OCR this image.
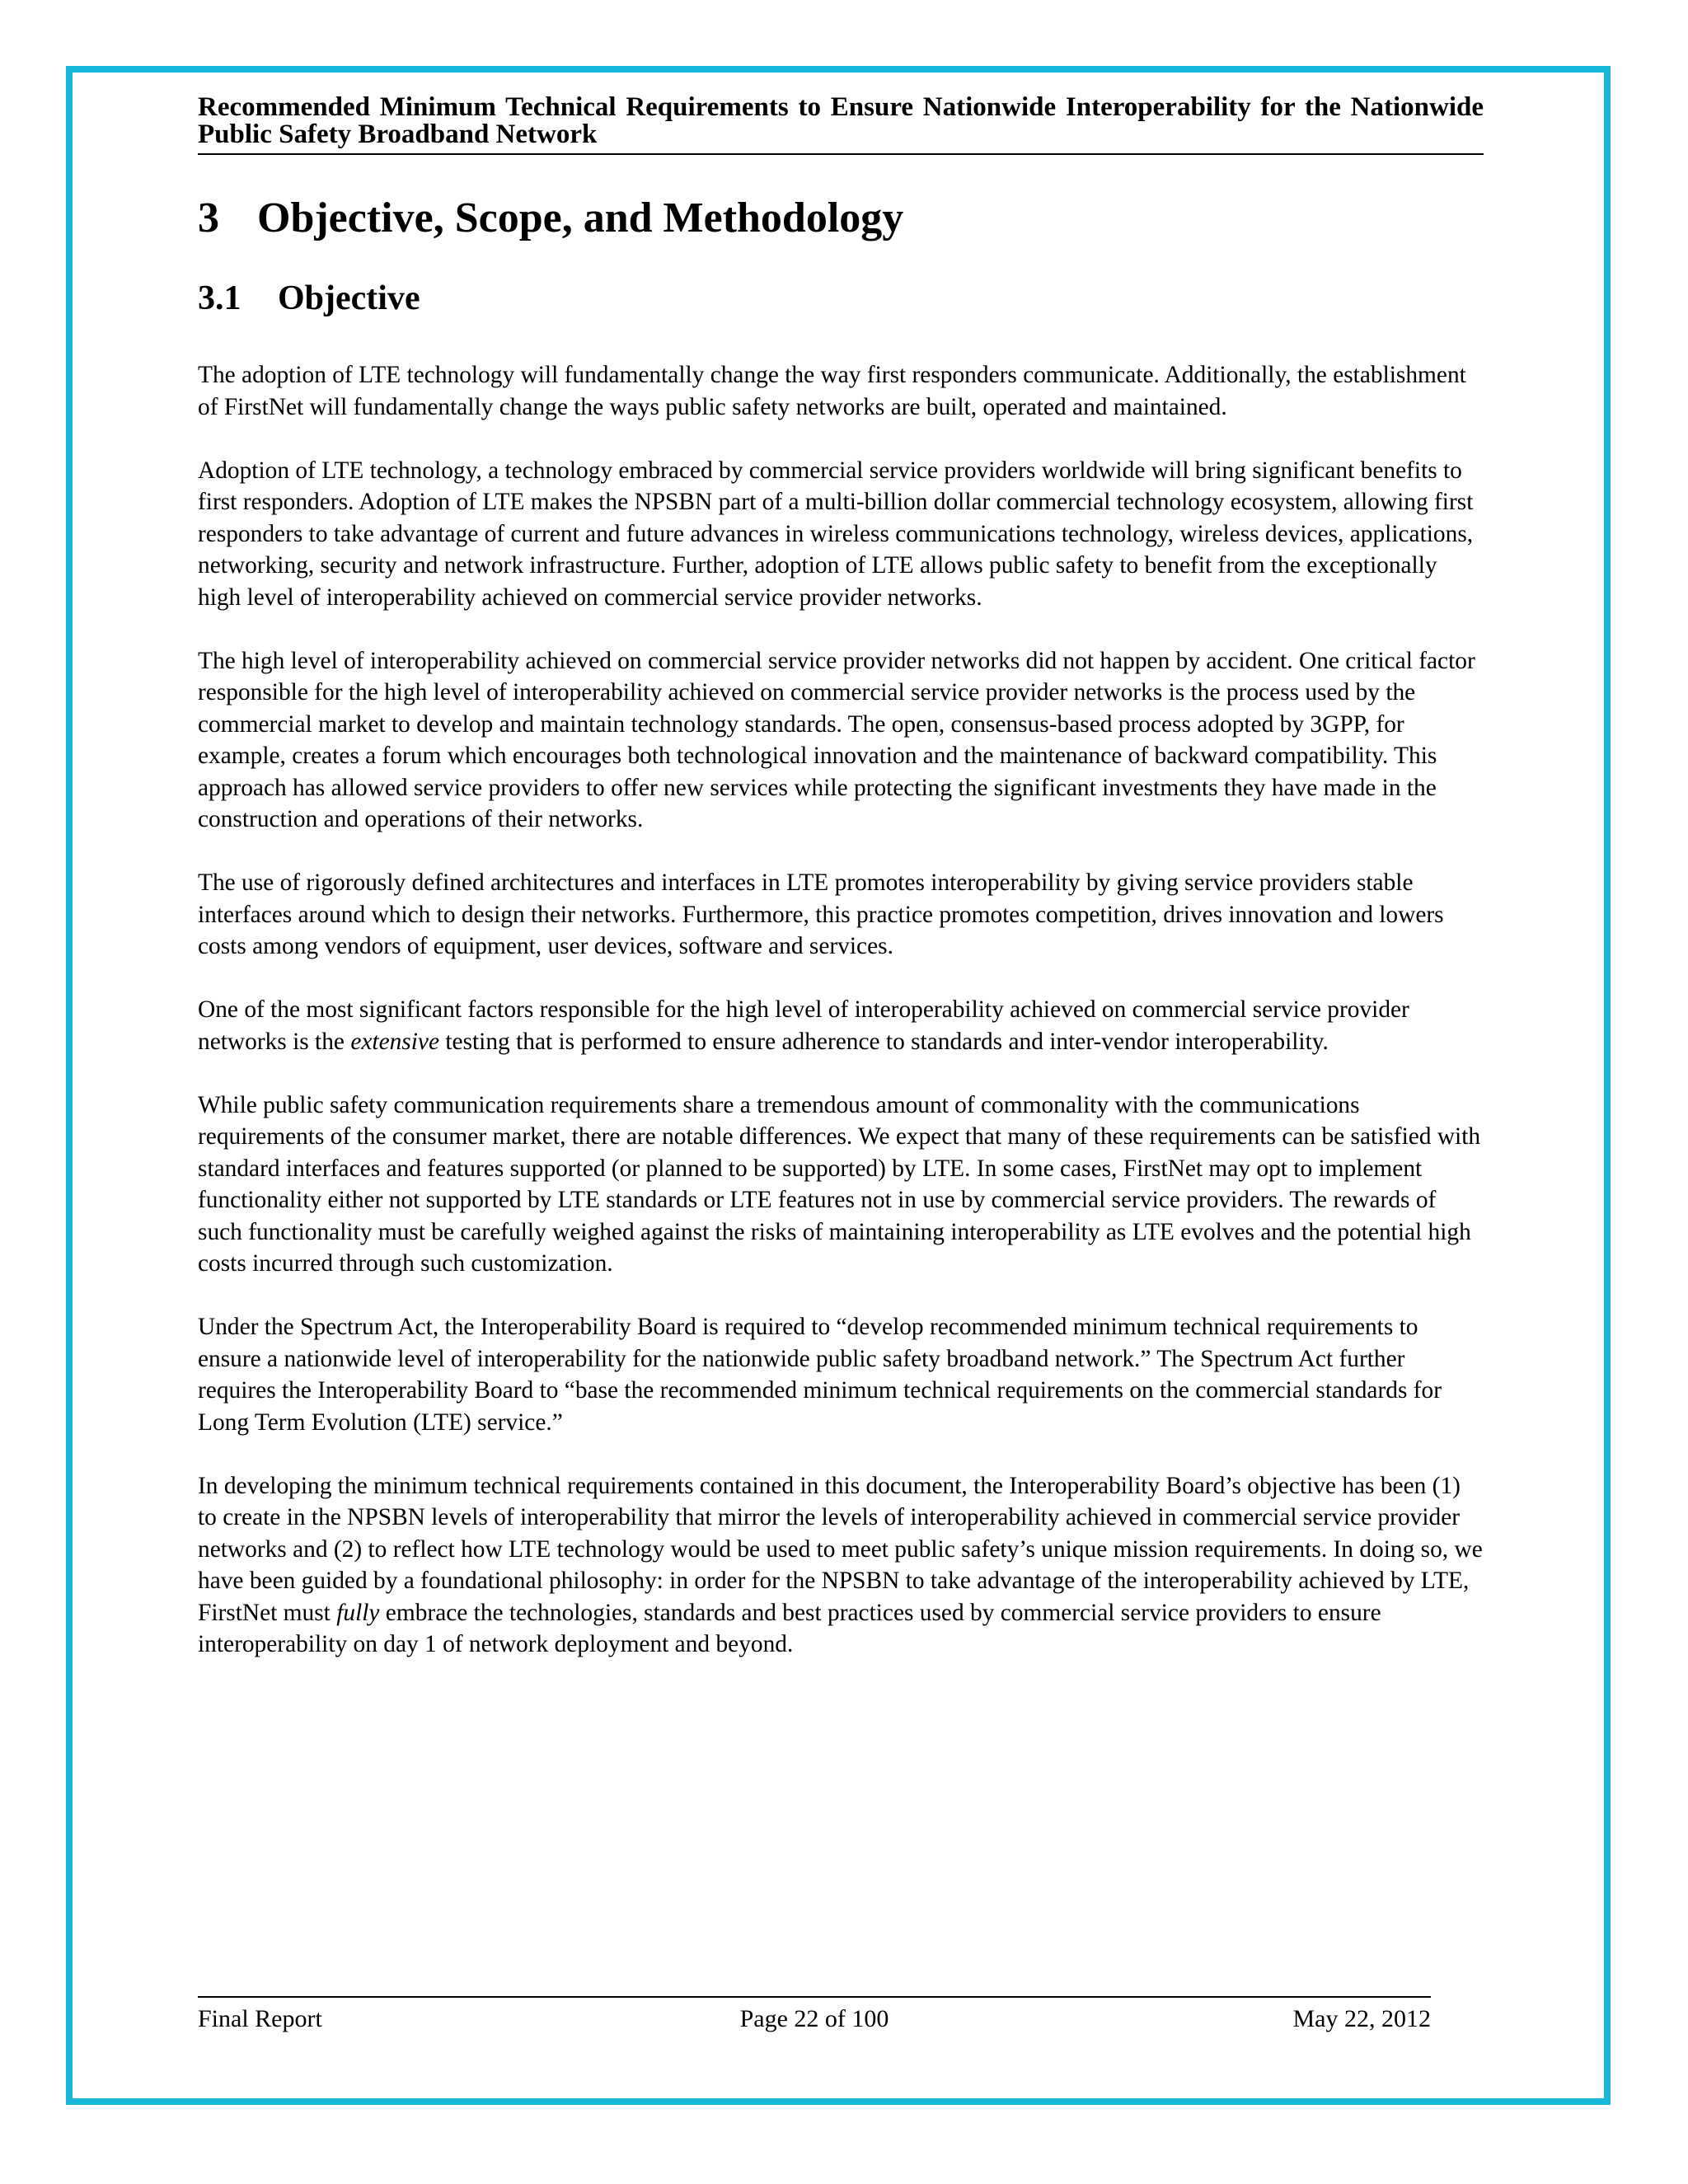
Recommended Minimum Technical Requirements to Ensure Nationwide Interoperability for the Nationwide Public Safety Broadband Network
3 Objective, Scope, and Methodology
3.1 Objective

The adoption of LTE technology will fundamentally change the way first responders communicate. Additionally, the establishment of FirstNet will fundamentally change the ways public safety networks are built, operated and maintained.

Adoption of LTE technology, a technology embraced by commercial service providers worldwide will bring significant benefits to first responders. Adoption of LTE makes the NPSBN part of a multi-billion dollar commercial technology ecosystem, allowing first responders to take advantage of current and future advances in wireless communications technology, wireless devices, applications, networking, security and network infrastructure. Further, adoption of LTE allows public safety to benefit from the exceptionally high level of interoperability achieved on commercial service provider networks.

The high level of interoperability achieved on commercial service provider networks did not happen by accident. One critical factor responsible for the high level of interoperability achieved on commercial service provider networks is the process used by the commercial market to develop and maintain technology standards. The open, consensus-based process adopted by 3GPP, for example, creates a forum which encourages both technological innovation and the maintenance of backward compatibility. This approach has allowed service providers to offer new services while protecting the significant investments they have made in the construction and operations of their networks.

The use of rigorously defined architectures and interfaces in LTE promotes interoperability by giving service providers stable interfaces around which to design their networks. Furthermore, this practice promotes competition, drives innovation and lowers costs among vendors of equipment, user devices, software and services.

One of the most significant factors responsible for the high level of interoperability achieved on commercial service provider networks is the extensive testing that is performed to ensure adherence to standards and inter-vendor interoperability.

While public safety communication requirements share a tremendous amount of commonality with the communications requirements of the consumer market, there are notable differences. We expect that many of these requirements can be satisfied with standard interfaces and features supported (or planned to be supported) by LTE. In some cases, FirstNet may opt to implement functionality either not supported by LTE standards or LTE features not in use by commercial service providers. The rewards of such functionality must be carefully weighed against the risks of maintaining interoperability as LTE evolves and the potential high costs incurred through such customization.

Under the Spectrum Act, the Interoperability Board is required to “develop recommended minimum technical requirements to ensure a nationwide level of interoperability for the nationwide public safety broadband network.” The Spectrum Act further requires the Interoperability Board to “base the recommended minimum technical requirements on the commercial standards for Long Term Evolution (LTE) service.”

In developing the minimum technical requirements contained in this document, the Interoperability Board’s objective has been (1) to create in the NPSBN levels of interoperability that mirror the levels of interoperability achieved in commercial service provider networks and (2) to reflect how LTE technology would be used to meet public safety’s unique mission requirements. In doing so, we have been guided by a foundational philosophy: in order for the NPSBN to take advantage of the interoperability achieved by LTE, FirstNet must fully embrace the technologies, standards and best practices used by commercial service providers to ensure interoperability on day 1 of network deployment and beyond.

Final Report	Page 22 of 100	May 22, 2012
